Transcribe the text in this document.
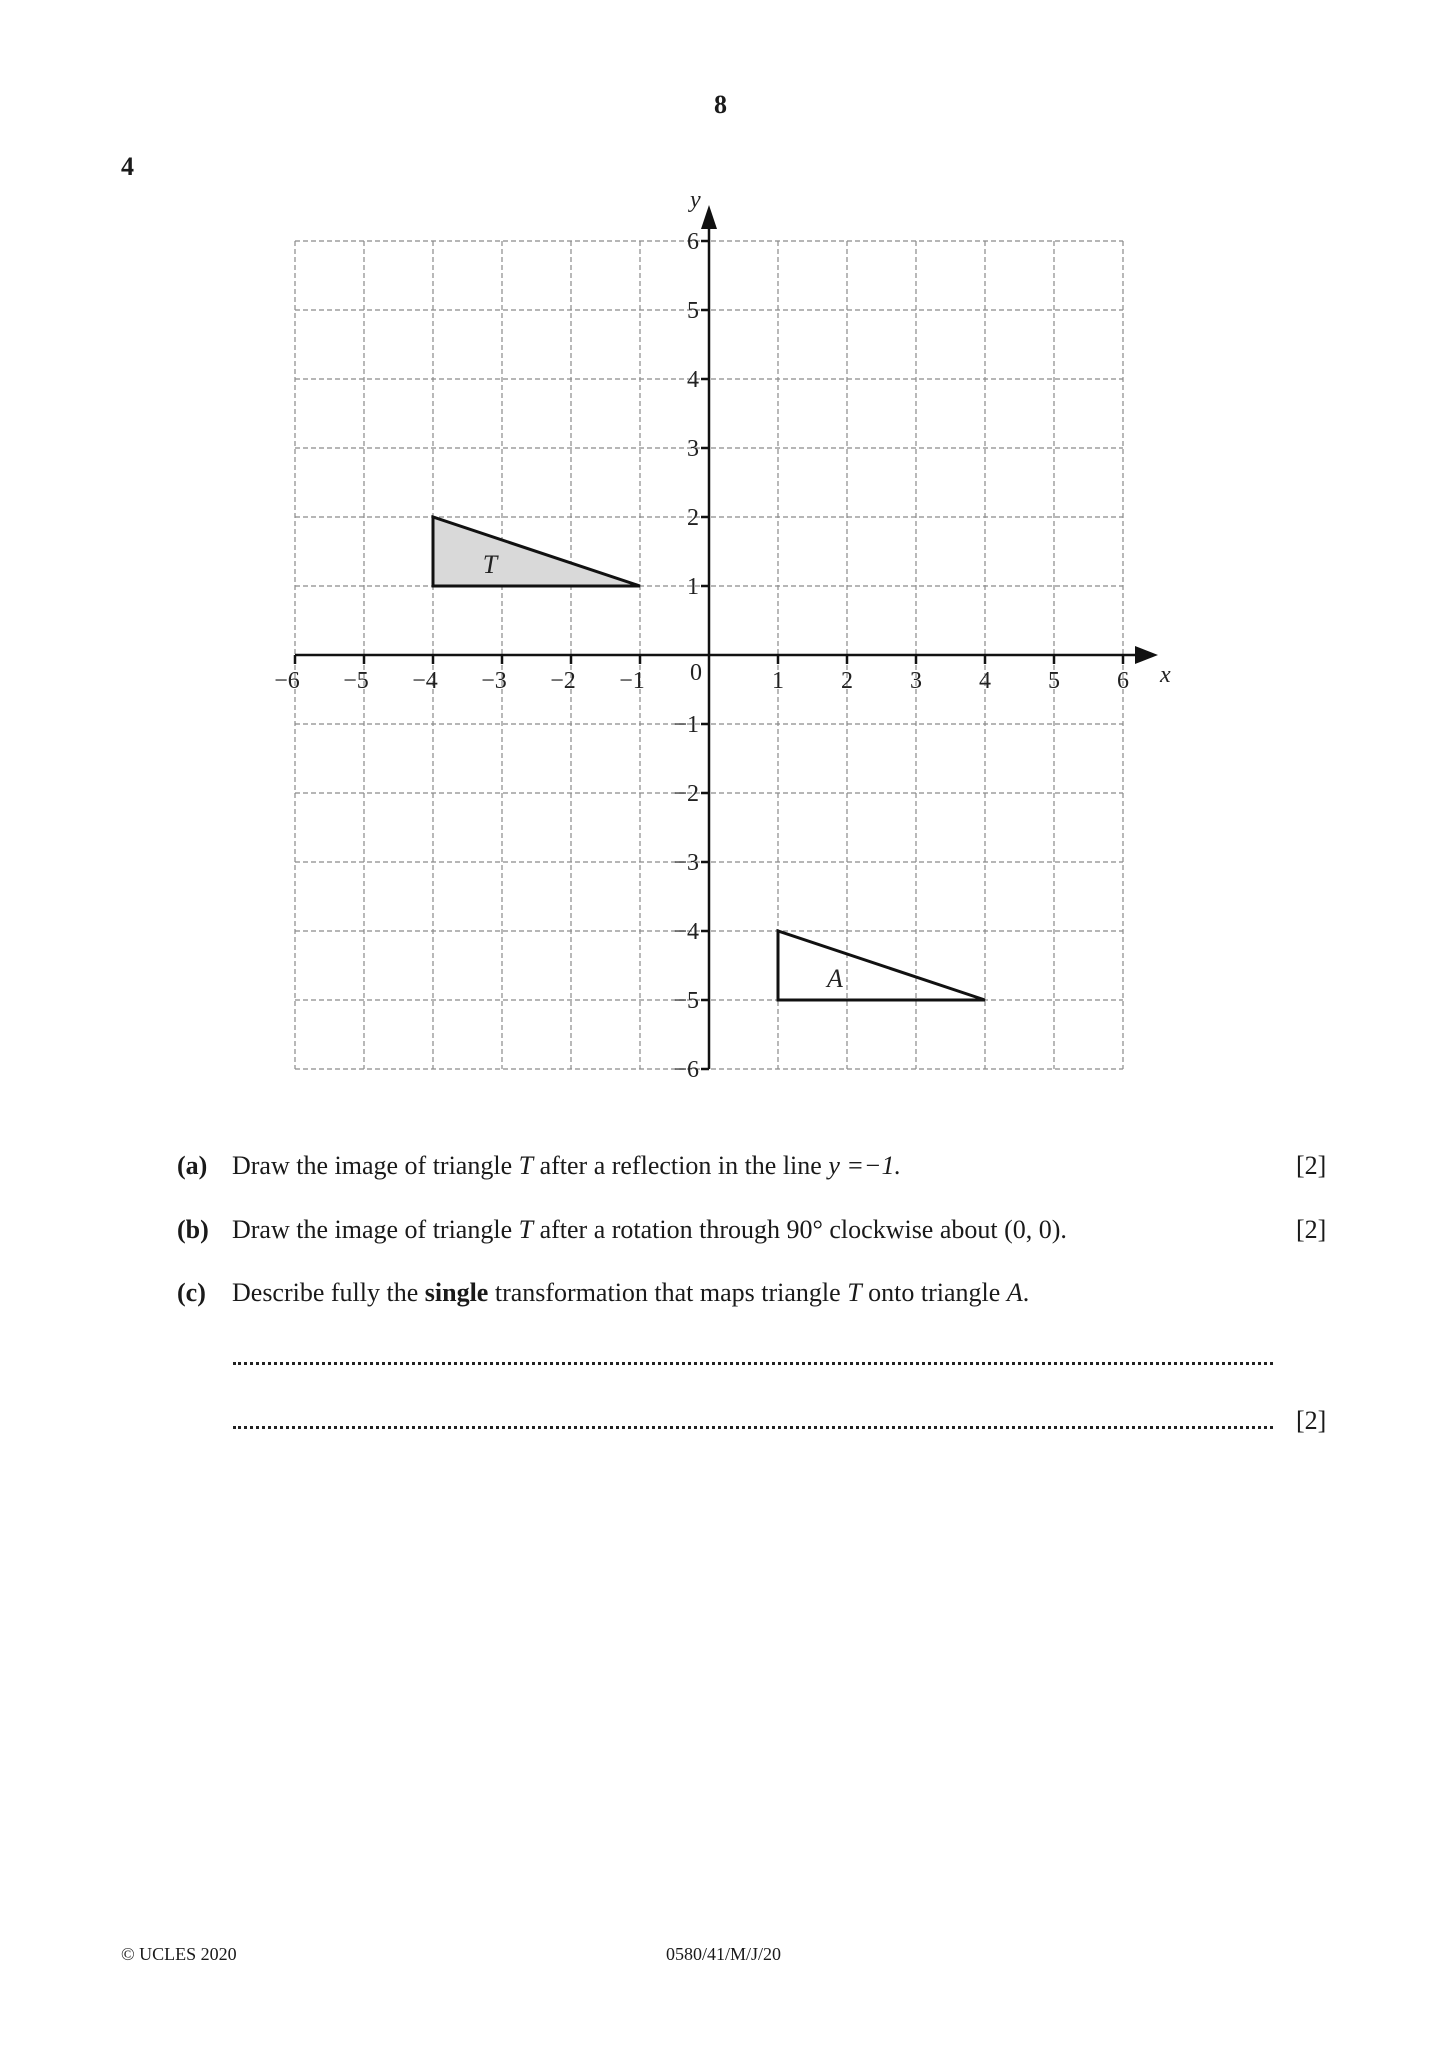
8
4
−6 −5 −4 −3 −2 −1	1 2 3 4 5 6
6
5
4
3
2
1
−1
−2
−3
−4
−5
−6
0	x
y
T
A
(a) Draw the image of triangle T after a reflection in the line y =−1.	[2]
(b) Draw the image of triangle T after a rotation through 90° clockwise about (0, 0).	[2]
(c) Describe fully the single transformation that maps triangle T onto triangle A.
[2]
© UCLES 2020	0580/41/M/J/20
